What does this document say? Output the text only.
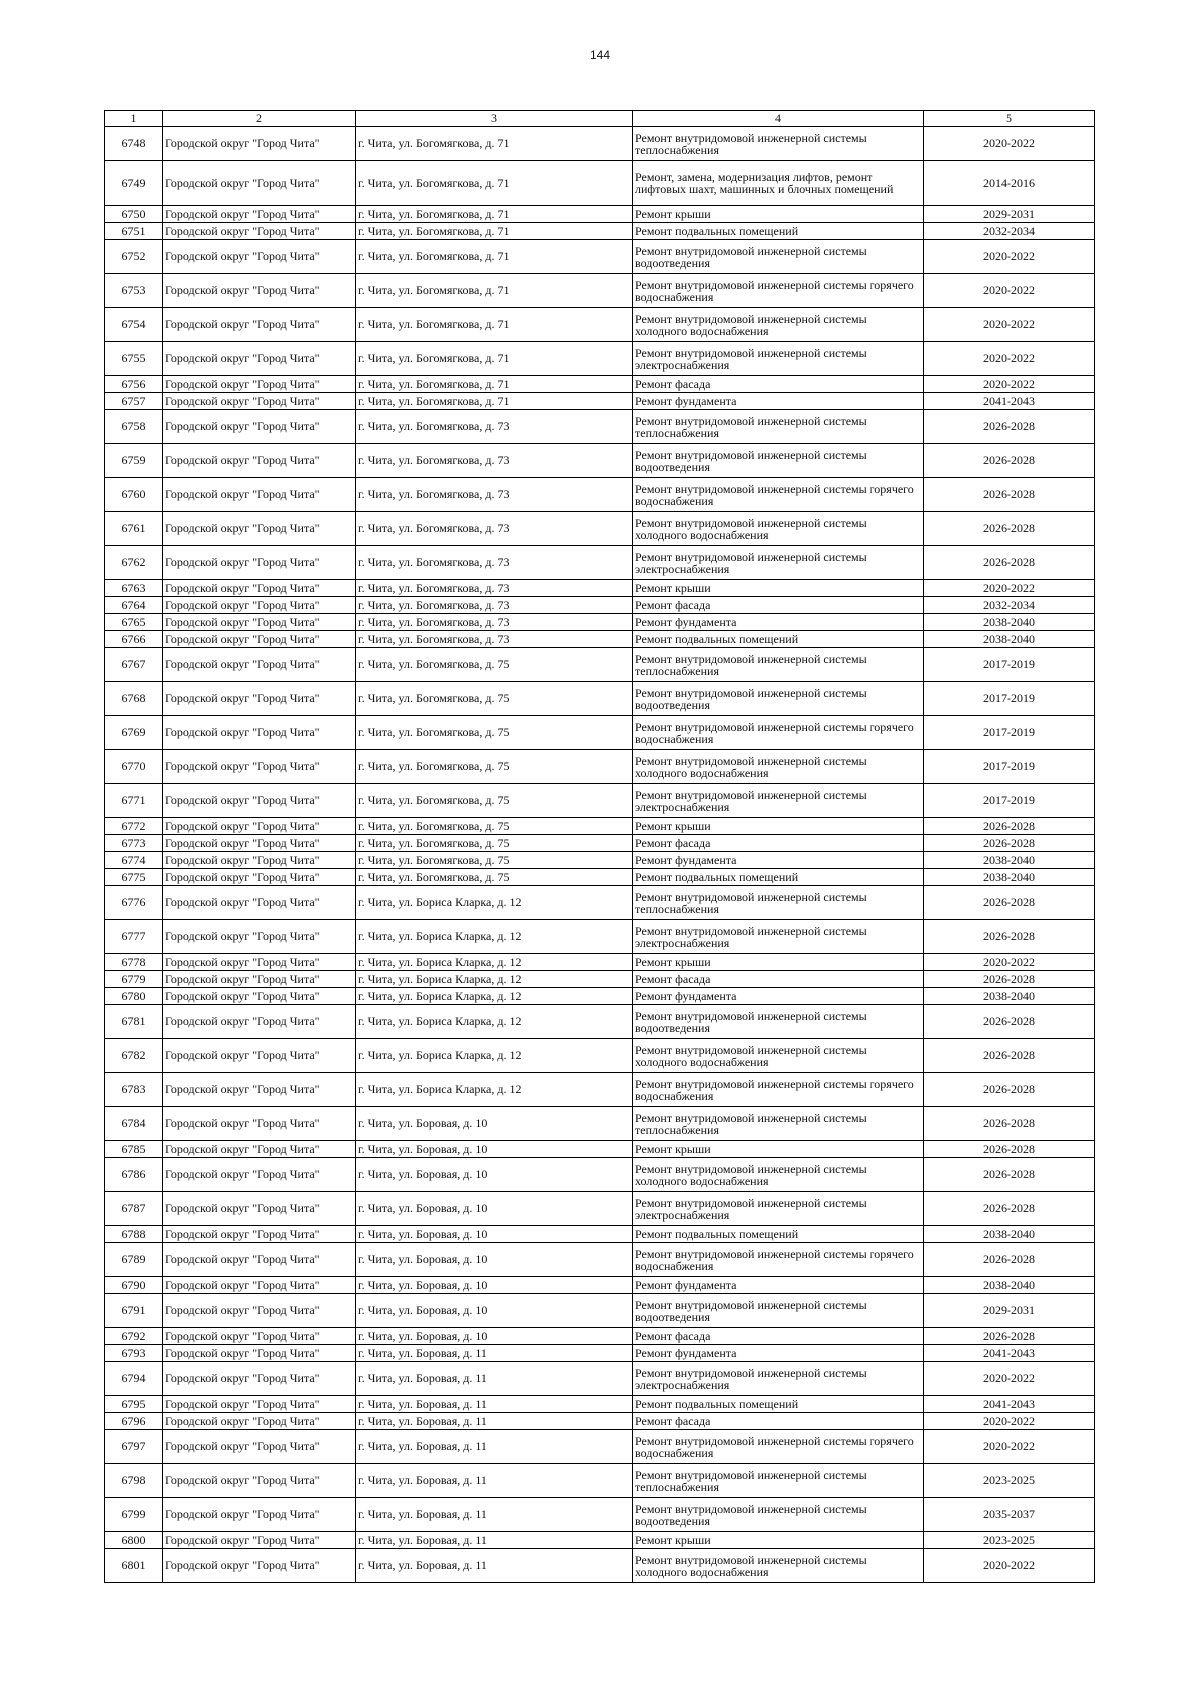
144
1	2	3	4	5
6748	Городской округ "Город Чита"	г. Чита, ул. Богомягкова, д. 71	Ремонт внутридомовой инженерной системы теплоснабжения	2020-2022
6749	Городской округ "Город Чита"	г. Чита, ул. Богомягкова, д. 71	Ремонт, замена, модернизация лифтов, ремонт лифтовых шахт, машинных и блочных помещений	2014-2016
6750	Городской округ "Город Чита"	г. Чита, ул. Богомягкова, д. 71	Ремонт крыши	2029-2031
6751	Городской округ "Город Чита"	г. Чита, ул. Богомягкова, д. 71	Ремонт подвальных помещений	2032-2034
6752	Городской округ "Город Чита"	г. Чита, ул. Богомягкова, д. 71	Ремонт внутридомовой инженерной системы водоотведения	2020-2022
6753	Городской округ "Город Чита"	г. Чита, ул. Богомягкова, д. 71	Ремонт внутридомовой инженерной системы горячего водоснабжения	2020-2022
6754	Городской округ "Город Чита"	г. Чита, ул. Богомягкова, д. 71	Ремонт внутридомовой инженерной системы холодного водоснабжения	2020-2022
6755	Городской округ "Город Чита"	г. Чита, ул. Богомягкова, д. 71	Ремонт внутридомовой инженерной системы электроснабжения	2020-2022
6756	Городской округ "Город Чита"	г. Чита, ул. Богомягкова, д. 71	Ремонт фасада	2020-2022
6757	Городской округ "Город Чита"	г. Чита, ул. Богомягкова, д. 71	Ремонт фундамента	2041-2043
6758	Городской округ "Город Чита"	г. Чита, ул. Богомягкова, д. 73	Ремонт внутридомовой инженерной системы теплоснабжения	2026-2028
6759	Городской округ "Город Чита"	г. Чита, ул. Богомягкова, д. 73	Ремонт внутридомовой инженерной системы водоотведения	2026-2028
6760	Городской округ "Город Чита"	г. Чита, ул. Богомягкова, д. 73	Ремонт внутридомовой инженерной системы горячего водоснабжения	2026-2028
6761	Городской округ "Город Чита"	г. Чита, ул. Богомягкова, д. 73	Ремонт внутридомовой инженерной системы холодного водоснабжения	2026-2028
6762	Городской округ "Город Чита"	г. Чита, ул. Богомягкова, д. 73	Ремонт внутридомовой инженерной системы электроснабжения	2026-2028
6763	Городской округ "Город Чита"	г. Чита, ул. Богомягкова, д. 73	Ремонт крыши	2020-2022
6764	Городской округ "Город Чита"	г. Чита, ул. Богомягкова, д. 73	Ремонт фасада	2032-2034
6765	Городской округ "Город Чита"	г. Чита, ул. Богомягкова, д. 73	Ремонт фундамента	2038-2040
6766	Городской округ "Город Чита"	г. Чита, ул. Богомягкова, д. 73	Ремонт подвальных помещений	2038-2040
6767	Городской округ "Город Чита"	г. Чита, ул. Богомягкова, д. 75	Ремонт внутридомовой инженерной системы теплоснабжения	2017-2019
6768	Городской округ "Город Чита"	г. Чита, ул. Богомягкова, д. 75	Ремонт внутридомовой инженерной системы водоотведения	2017-2019
6769	Городской округ "Город Чита"	г. Чита, ул. Богомягкова, д. 75	Ремонт внутридомовой инженерной системы горячего водоснабжения	2017-2019
6770	Городской округ "Город Чита"	г. Чита, ул. Богомягкова, д. 75	Ремонт внутридомовой инженерной системы холодного водоснабжения	2017-2019
6771	Городской округ "Город Чита"	г. Чита, ул. Богомягкова, д. 75	Ремонт внутридомовой инженерной системы электроснабжения	2017-2019
6772	Городской округ "Город Чита"	г. Чита, ул. Богомягкова, д. 75	Ремонт крыши	2026-2028
6773	Городской округ "Город Чита"	г. Чита, ул. Богомягкова, д. 75	Ремонт фасада	2026-2028
6774	Городской округ "Город Чита"	г. Чита, ул. Богомягкова, д. 75	Ремонт фундамента	2038-2040
6775	Городской округ "Город Чита"	г. Чита, ул. Богомягкова, д. 75	Ремонт подвальных помещений	2038-2040
6776	Городской округ "Город Чита"	г. Чита, ул. Бориса Кларка, д. 12	Ремонт внутридомовой инженерной системы теплоснабжения	2026-2028
6777	Городской округ "Город Чита"	г. Чита, ул. Бориса Кларка, д. 12	Ремонт внутридомовой инженерной системы электроснабжения	2026-2028
6778	Городской округ "Город Чита"	г. Чита, ул. Бориса Кларка, д. 12	Ремонт крыши	2020-2022
6779	Городской округ "Город Чита"	г. Чита, ул. Бориса Кларка, д. 12	Ремонт фасада	2026-2028
6780	Городской округ "Город Чита"	г. Чита, ул. Бориса Кларка, д. 12	Ремонт фундамента	2038-2040
6781	Городской округ "Город Чита"	г. Чита, ул. Бориса Кларка, д. 12	Ремонт внутридомовой инженерной системы водоотведения	2026-2028
6782	Городской округ "Город Чита"	г. Чита, ул. Бориса Кларка, д. 12	Ремонт внутридомовой инженерной системы холодного водоснабжения	2026-2028
6783	Городской округ "Город Чита"	г. Чита, ул. Бориса Кларка, д. 12	Ремонт внутридомовой инженерной системы горячего водоснабжения	2026-2028
6784	Городской округ "Город Чита"	г. Чита, ул. Боровая, д. 10	Ремонт внутридомовой инженерной системы теплоснабжения	2026-2028
6785	Городской округ "Город Чита"	г. Чита, ул. Боровая, д. 10	Ремонт крыши	2026-2028
6786	Городской округ "Город Чита"	г. Чита, ул. Боровая, д. 10	Ремонт внутридомовой инженерной системы холодного водоснабжения	2026-2028
6787	Городской округ "Город Чита"	г. Чита, ул. Боровая, д. 10	Ремонт внутридомовой инженерной системы электроснабжения	2026-2028
6788	Городской округ "Город Чита"	г. Чита, ул. Боровая, д. 10	Ремонт подвальных помещений	2038-2040
6789	Городской округ "Город Чита"	г. Чита, ул. Боровая, д. 10	Ремонт внутридомовой инженерной системы горячего водоснабжения	2026-2028
6790	Городской округ "Город Чита"	г. Чита, ул. Боровая, д. 10	Ремонт фундамента	2038-2040
6791	Городской округ "Город Чита"	г. Чита, ул. Боровая, д. 10	Ремонт внутридомовой инженерной системы водоотведения	2029-2031
6792	Городской округ "Город Чита"	г. Чита, ул. Боровая, д. 10	Ремонт фасада	2026-2028
6793	Городской округ "Город Чита"	г. Чита, ул. Боровая, д. 11	Ремонт фундамента	2041-2043
6794	Городской округ "Город Чита"	г. Чита, ул. Боровая, д. 11	Ремонт внутридомовой инженерной системы электроснабжения	2020-2022
6795	Городской округ "Город Чита"	г. Чита, ул. Боровая, д. 11	Ремонт подвальных помещений	2041-2043
6796	Городской округ "Город Чита"	г. Чита, ул. Боровая, д. 11	Ремонт фасада	2020-2022
6797	Городской округ "Город Чита"	г. Чита, ул. Боровая, д. 11	Ремонт внутридомовой инженерной системы горячего водоснабжения	2020-2022
6798	Городской округ "Город Чита"	г. Чита, ул. Боровая, д. 11	Ремонт внутридомовой инженерной системы теплоснабжения	2023-2025
6799	Городской округ "Город Чита"	г. Чита, ул. Боровая, д. 11	Ремонт внутридомовой инженерной системы водоотведения	2035-2037
6800	Городской округ "Город Чита"	г. Чита, ул. Боровая, д. 11	Ремонт крыши	2023-2025
6801	Городской округ "Город Чита"	г. Чита, ул. Боровая, д. 11	Ремонт внутридомовой инженерной системы холодного водоснабжения	2020-2022
